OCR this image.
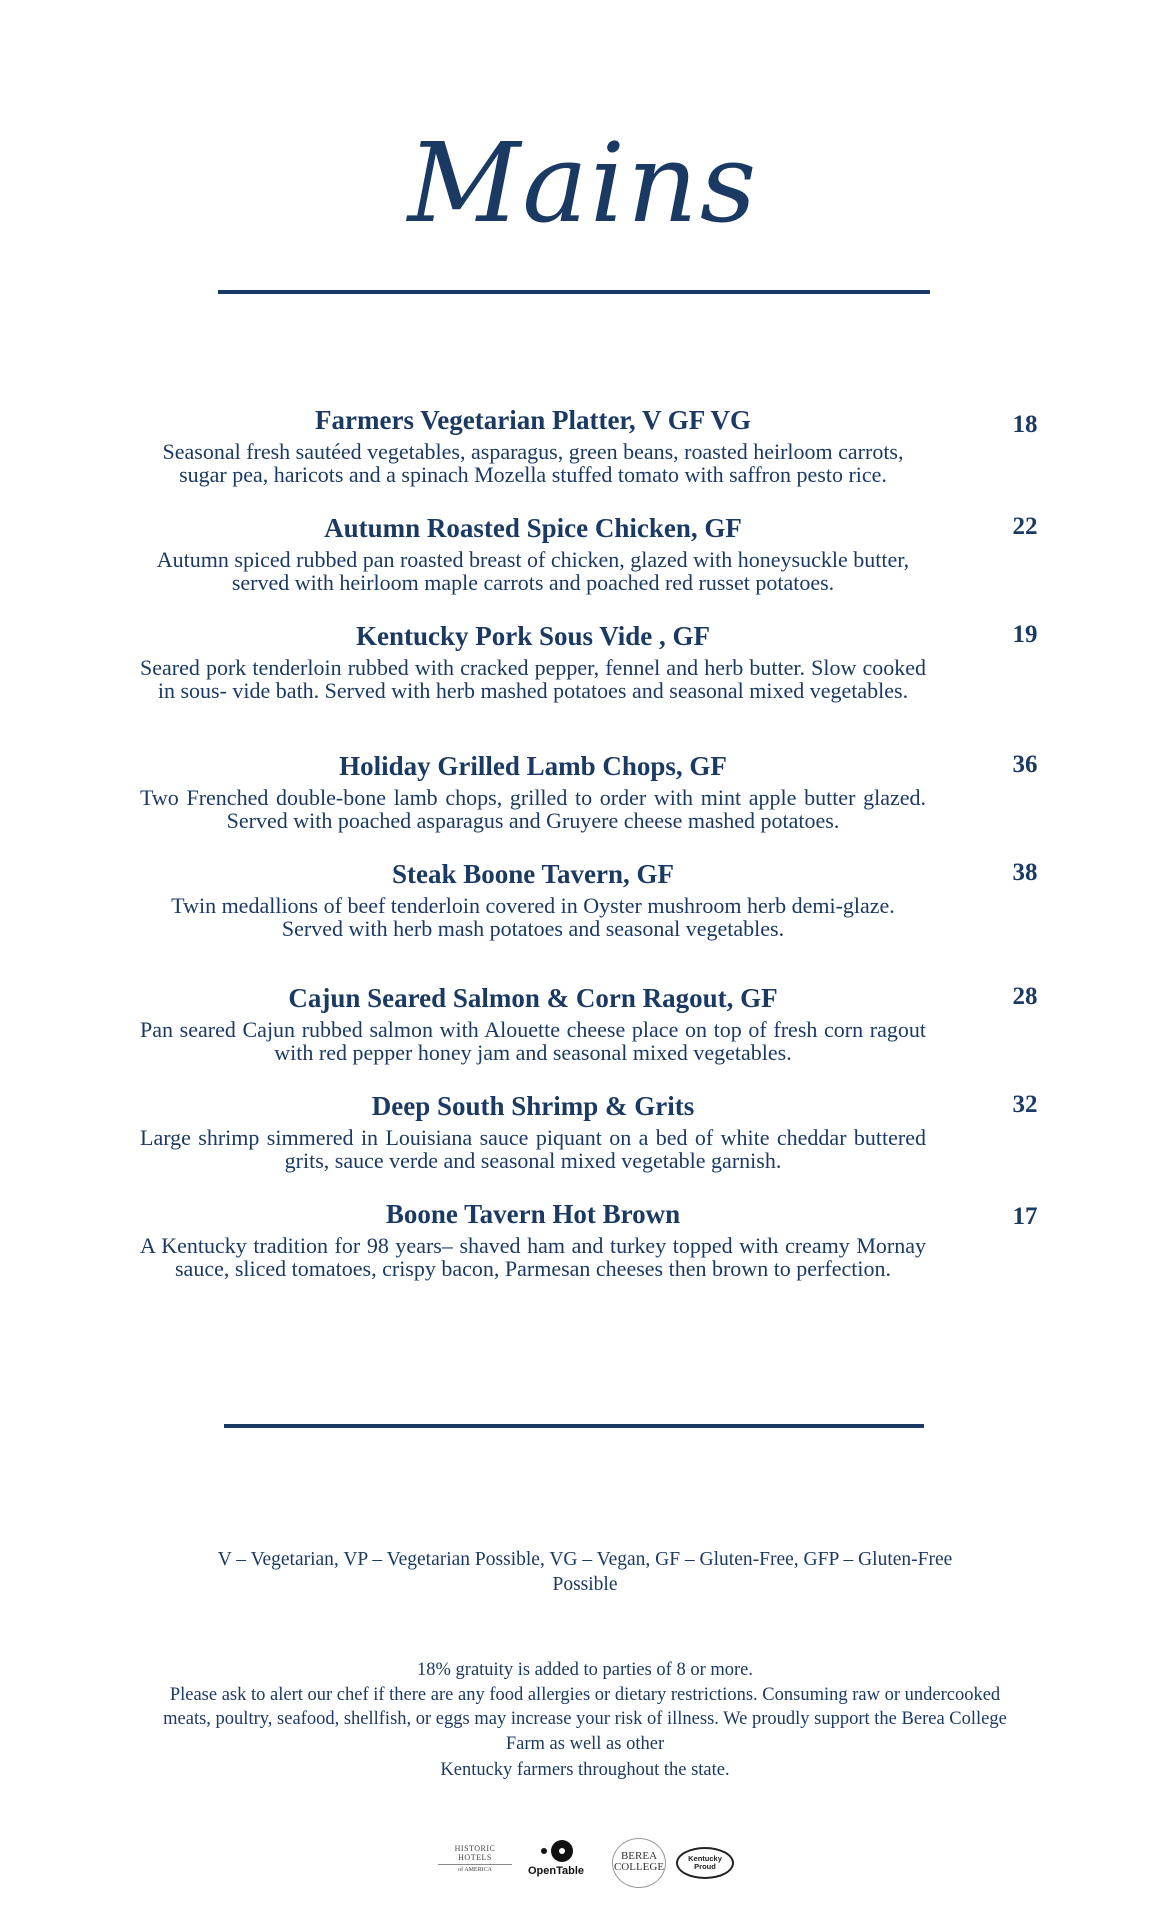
Mains
Farmers Vegetarian Platter, V GF VG

Seasonal fresh sautéed vegetables, asparagus, green beans, roasted heirloom carrots, sugar pea, haricots and a spinach Mozella stuffed tomato with saffron pesto rice.

18
Autumn Roasted Spice Chicken, GF

Autumn spiced rubbed pan roasted breast of chicken, glazed with honeysuckle butter, served with heirloom maple carrots and poached red russet potatoes.

22
Kentucky Pork Sous Vide , GF

Seared pork tenderloin rubbed with cracked pepper, fennel and herb butter. Slow cooked in sous- vide bath. Served with herb mashed potatoes and seasonal mixed vegetables.

19
Holiday Grilled Lamb Chops, GF

Two Frenched double-bone lamb chops, grilled to order with mint apple butter glazed. Served with poached asparagus and Gruyere cheese mashed potatoes.

36
Steak Boone Tavern, GF

Twin medallions of beef tenderloin covered in Oyster mushroom herb demi-glaze. Served with herb mash potatoes and seasonal vegetables.

38
Cajun Seared Salmon & Corn Ragout, GF

Pan seared Cajun rubbed salmon with Alouette cheese place on top of fresh corn ragout with red pepper honey jam and seasonal mixed vegetables.

28
Deep South Shrimp & Grits

Large shrimp simmered in Louisiana sauce piquant on a bed of white cheddar buttered grits, sauce verde and seasonal mixed vegetable garnish.

32
Boone Tavern Hot Brown

A Kentucky tradition for 98 years– shaved ham and turkey topped with creamy Mornay sauce, sliced tomatoes, crispy bacon, Parmesan cheeses then brown to perfection.

17
V – Vegetarian, VP – Vegetarian Possible, VG – Vegan, GF – Gluten-Free, GFP – Gluten-Free Possible

18% gratuity is added to parties of 8 or more.

Please ask to alert our chef if there are any food allergies or dietary restrictions. Consuming raw or undercooked meats, poultry, seafood, shellfish, or eggs may increase your risk of illness. We proudly support the Berea College Farm as well as other

Kentucky farmers throughout the state.

HISTORIC HOTELS
of AMERICA	OpenTable
BEREA COLLEGE
Kentucky Proud
